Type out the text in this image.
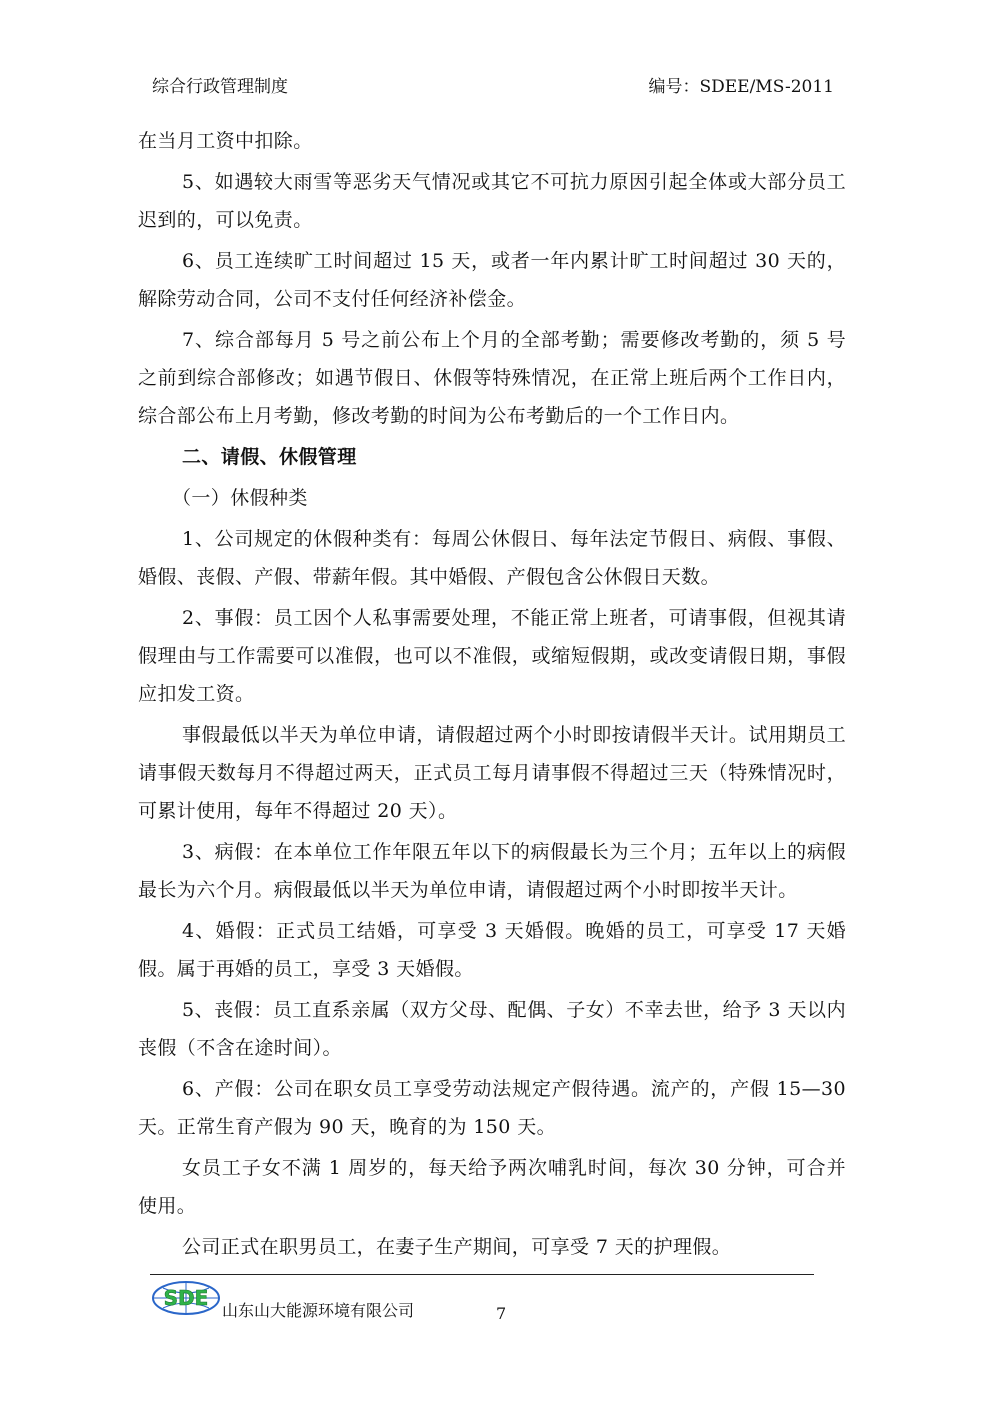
综合行政管理制度	编号：SDEE/MS-2011

在当月工资中扣除。

5、如遇较大雨雪等恶劣天气情况或其它不可抗力原因引起全体或大部分员工迟到的，可以免责。

6、员工连续旷工时间超过 15 天，或者一年内累计旷工时间超过 30 天的，解除劳动合同，公司不支付任何经济补偿金。

7、综合部每月 5 号之前公布上个月的全部考勤；需要修改考勤的，须 5 号之前到综合部修改；如遇节假日、休假等特殊情况，在正常上班后两个工作日内，综合部公布上月考勤，修改考勤的时间为公布考勤后的一个工作日内。

二、请假、休假管理

（一）休假种类

1、公司规定的休假种类有：每周公休假日、每年法定节假日、病假、事假、婚假、丧假、产假、带薪年假。其中婚假、产假包含公休假日天数。

2、事假：员工因个人私事需要处理，不能正常上班者，可请事假，但视其请假理由与工作需要可以准假，也可以不准假，或缩短假期，或改变请假日期，事假应扣发工资。

事假最低以半天为单位申请，请假超过两个小时即按请假半天计。试用期员工请事假天数每月不得超过两天，正式员工每月请事假不得超过三天（特殊情况时，可累计使用，每年不得超过 20 天）。

3、病假：在本单位工作年限五年以下的病假最长为三个月；五年以上的病假最长为六个月。病假最低以半天为单位申请，请假超过两个小时即按半天计。

4、婚假：正式员工结婚，可享受 3 天婚假。晚婚的员工，可享受 17 天婚假。属于再婚的员工，享受 3 天婚假。

5、丧假：员工直系亲属（双方父母、配偶、子女）不幸去世，给予 3 天以内丧假（不含在途时间）。

6、产假：公司在职女员工享受劳动法规定产假待遇。流产的，产假 15—30 天。正常生育产假为 90 天，晚育的为 150 天。

女员工子女不满 1 周岁的，每天给予两次哺乳时间，每次 30 分钟，可合并使用。

公司正式在职男员工，在妻子生产期间，可享受 7 天的护理假。

SDE
山东山大能源环境有限公司	7
